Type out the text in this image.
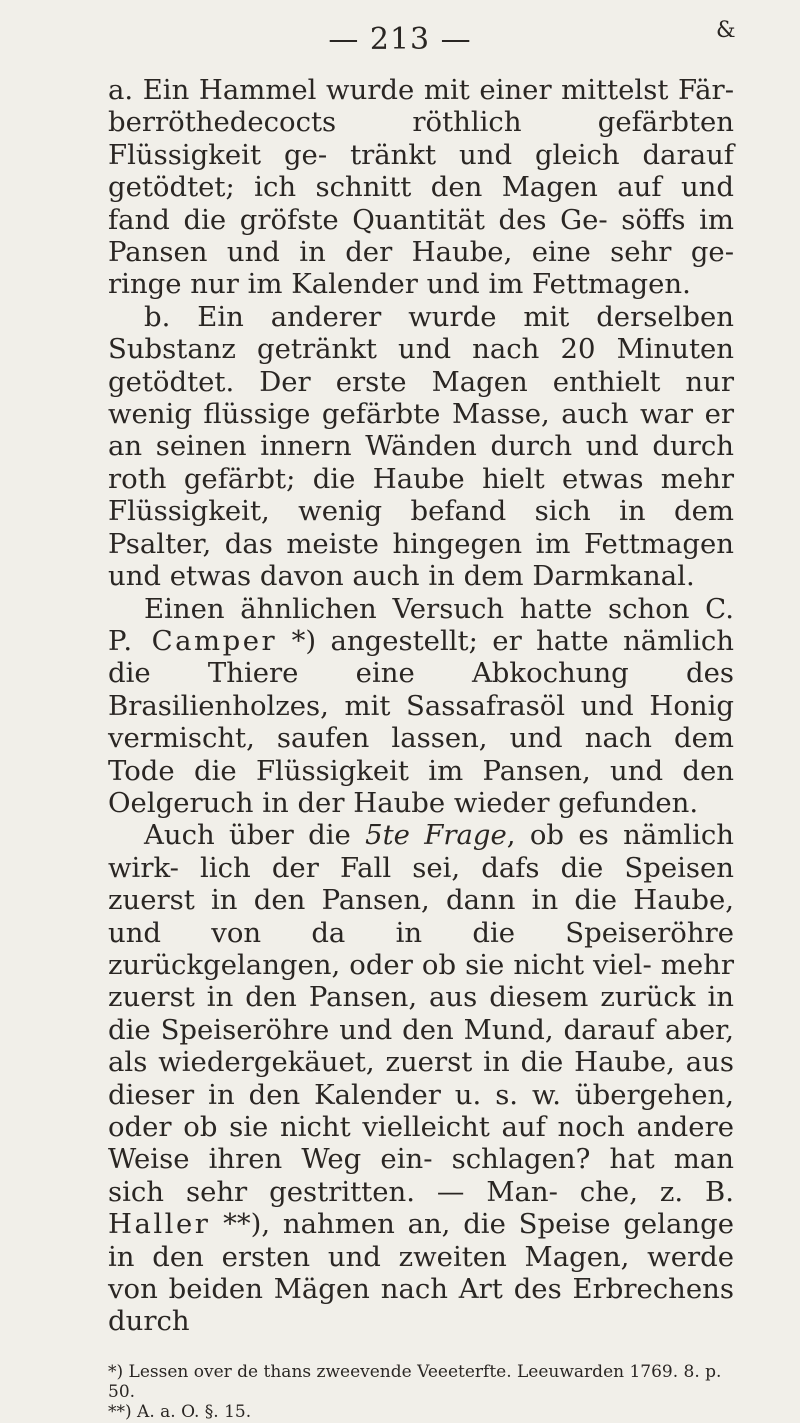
— 213 —	&

a. Ein Hammel wurde mit einer mittelst Fär- berröthedecocts röthlich gefärbten Flüssigkeit ge- tränkt und gleich darauf getödtet; ich schnitt den Magen auf und fand die gröfste Quantität des Ge- söffs im Pansen und in der Haube, eine sehr ge- ringe nur im Kalender und im Fettmagen.

b. Ein anderer wurde mit derselben Substanz getränkt und nach 20 Minuten getödtet. Der erste Magen enthielt nur wenig flüssige gefärbte Masse, auch war er an seinen innern Wänden durch und durch roth gefärbt; die Haube hielt etwas mehr Flüssigkeit, wenig befand sich in dem Psalter, das meiste hingegen im Fettmagen und etwas davon auch in dem Darmkanal.

Einen ähnlichen Versuch hatte schon C. P. Camper *) angestellt; er hatte nämlich die Thiere eine Abkochung des Brasilienholzes, mit Sassafrasöl und Honig vermischt, saufen lassen, und nach dem Tode die Flüssigkeit im Pansen, und den Oelgeruch in der Haube wieder gefunden.

Auch über die 5te Frage, ob es nämlich wirk- lich der Fall sei, dafs die Speisen zuerst in den Pansen, dann in die Haube, und von da in die Speiseröhre zurückgelangen, oder ob sie nicht viel- mehr zuerst in den Pansen, aus diesem zurück in die Speiseröhre und den Mund, darauf aber, als wiedergekäuet, zuerst in die Haube, aus dieser in den Kalender u. s. w. übergehen, oder ob sie nicht vielleicht auf noch andere Weise ihren Weg ein- schlagen? hat man sich sehr gestritten. — Man- che, z. B. Haller **), nahmen an, die Speise gelange in den ersten und zweiten Magen, werde von beiden Mägen nach Art des Erbrechens durch

*) Lessen over de thans zweevende Veeeterfte. Leeuwarden 1769. 8. p. 50.
**) A. a. O. §. 15.
